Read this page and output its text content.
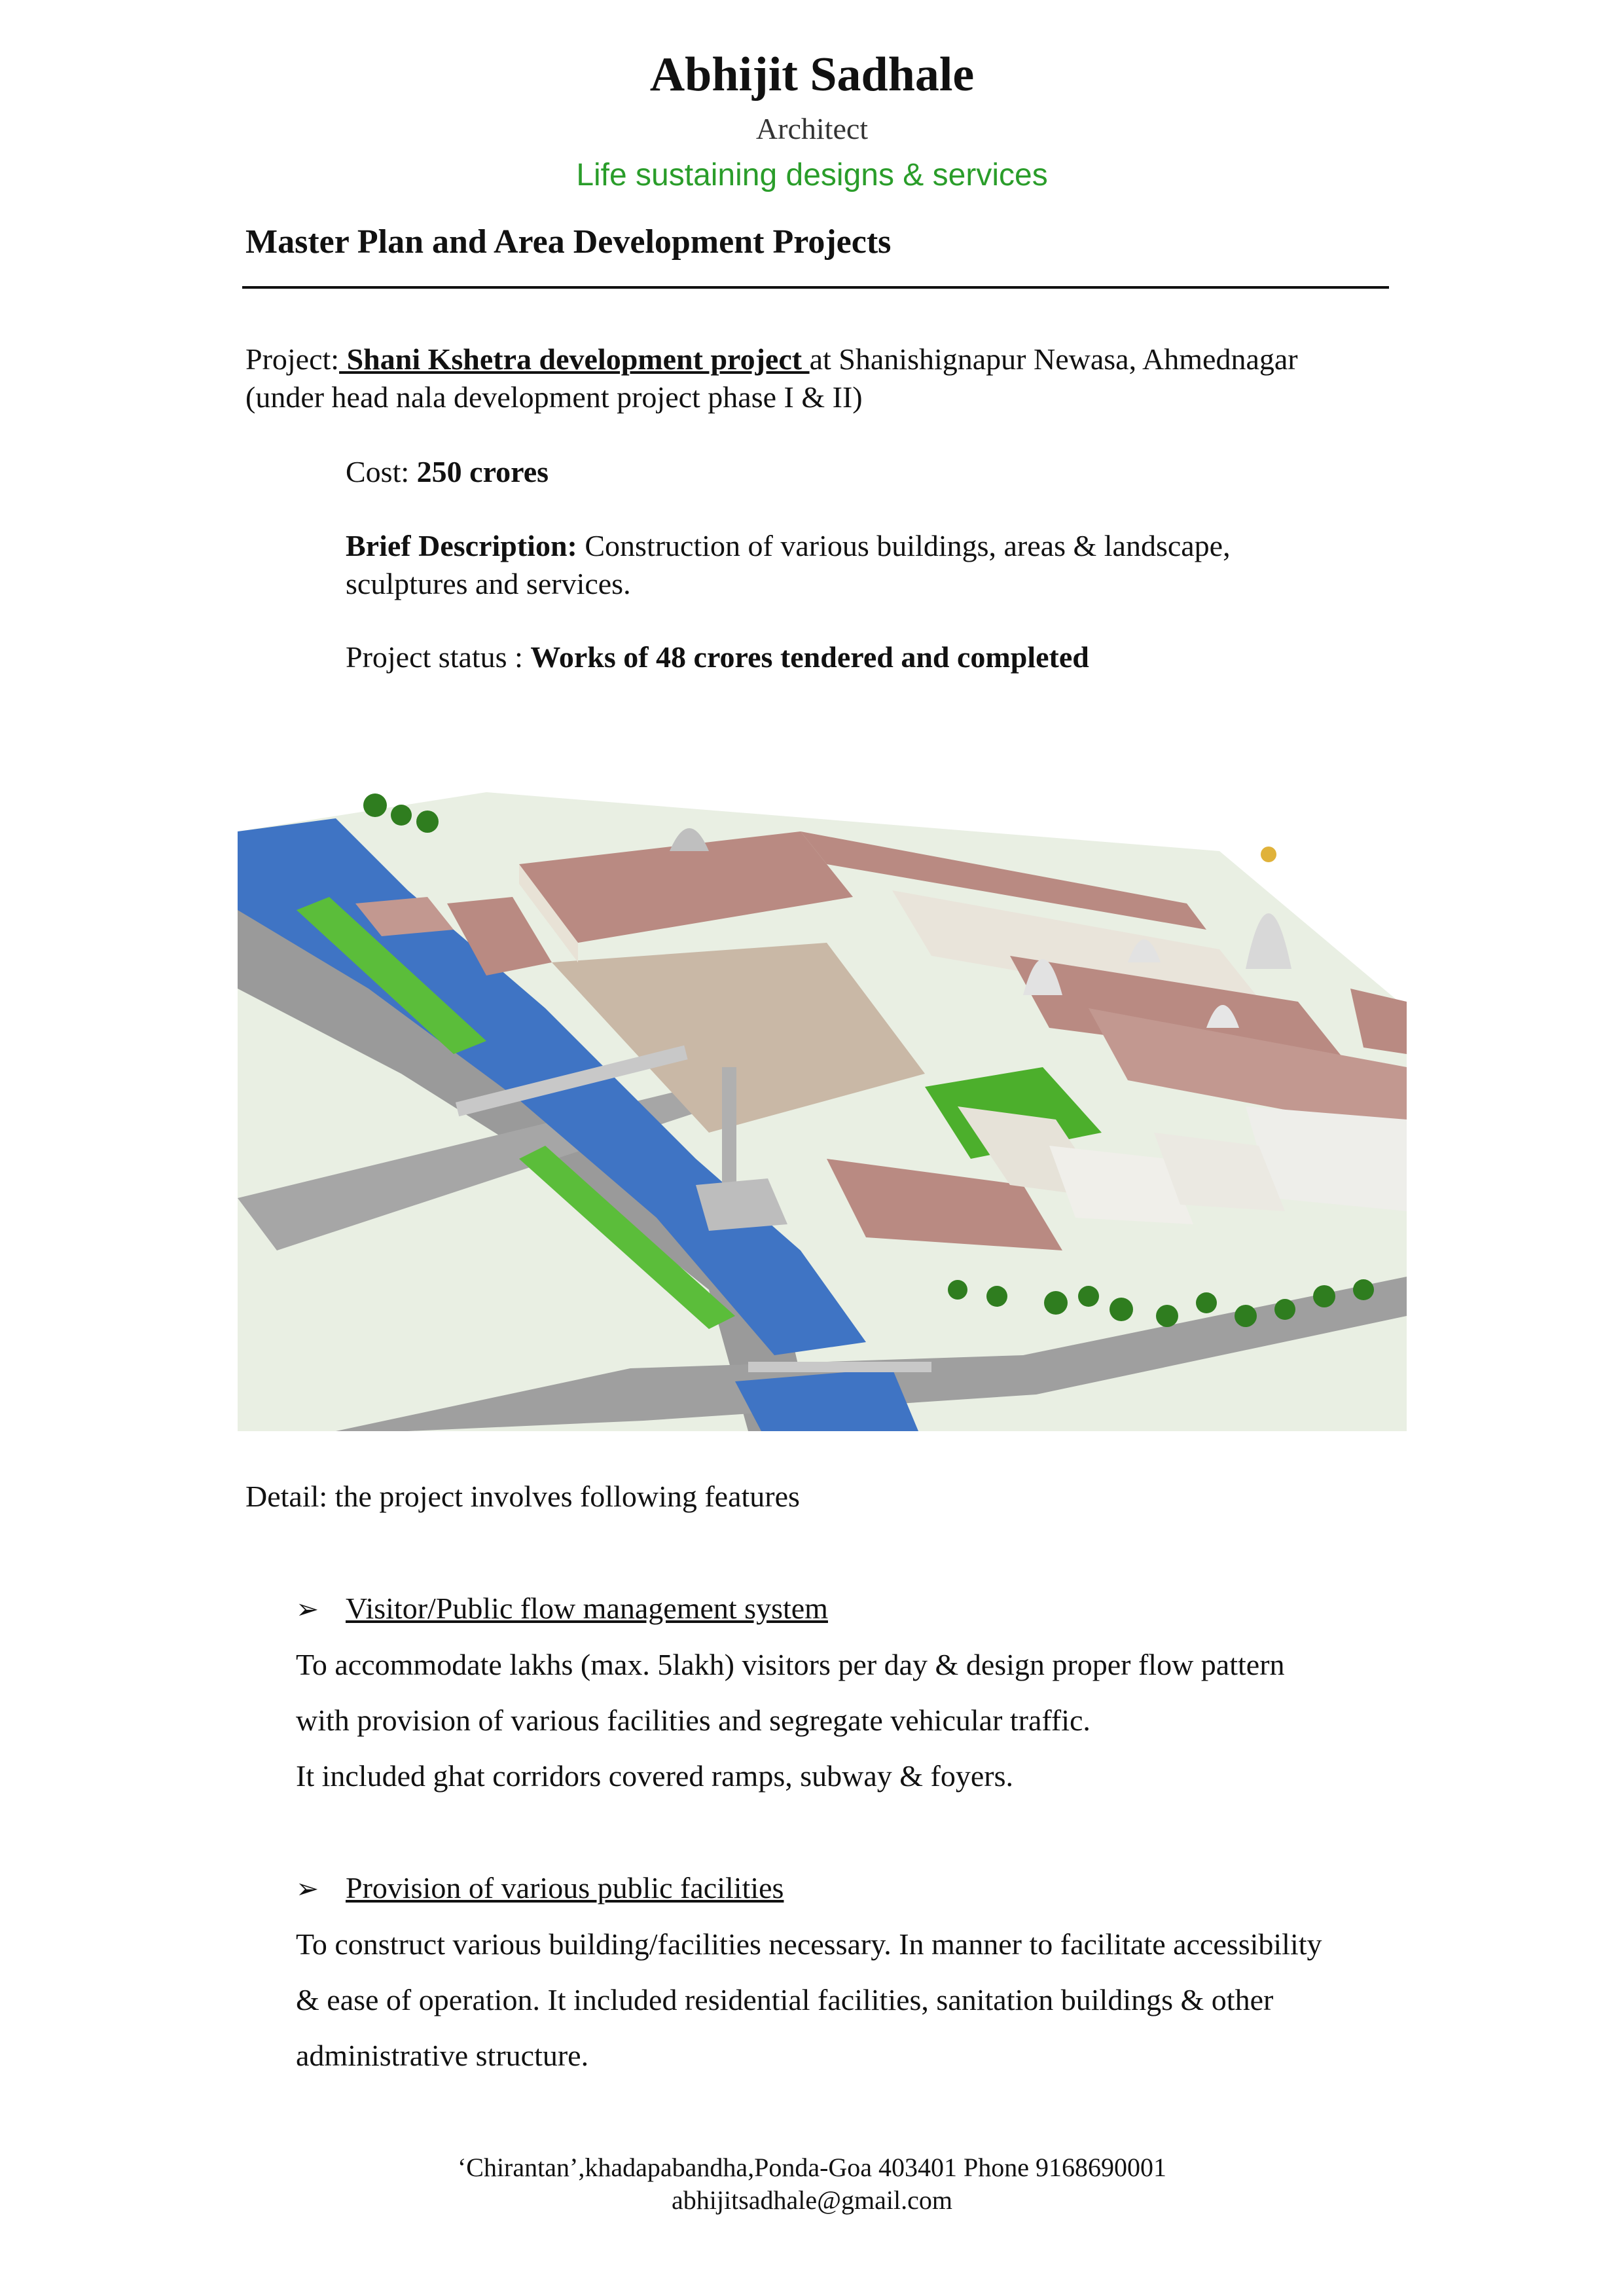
Abhijit Sadhale
Architect
Life sustaining designs & services
Master Plan and Area Development Projects
Project: Shani Kshetra development project at Shanishignapur Newasa, Ahmednagar
(under head nala development project phase I & II)
Cost: 250 crores
Brief Description: Construction of various buildings, areas & landscape,
sculptures and services.
Project status : Works of 48 crores tendered and completed
Detail: the project involves following features
➢ Visitor/Public flow management system
To accommodate lakhs (max. 5lakh) visitors per day & design proper flow pattern
with provision of various facilities and segregate vehicular traffic.
It included ghat corridors covered ramps, subway & foyers.
➢ Provision of various public facilities
To construct various building/facilities necessary. In manner to facilitate accessibility
& ease of operation. It included residential facilities, sanitation buildings & other
administrative structure.
‘Chirantan’,khadapabandha,Ponda-Goa 403401 Phone 9168690001
abhijitsadhale@gmail.com
